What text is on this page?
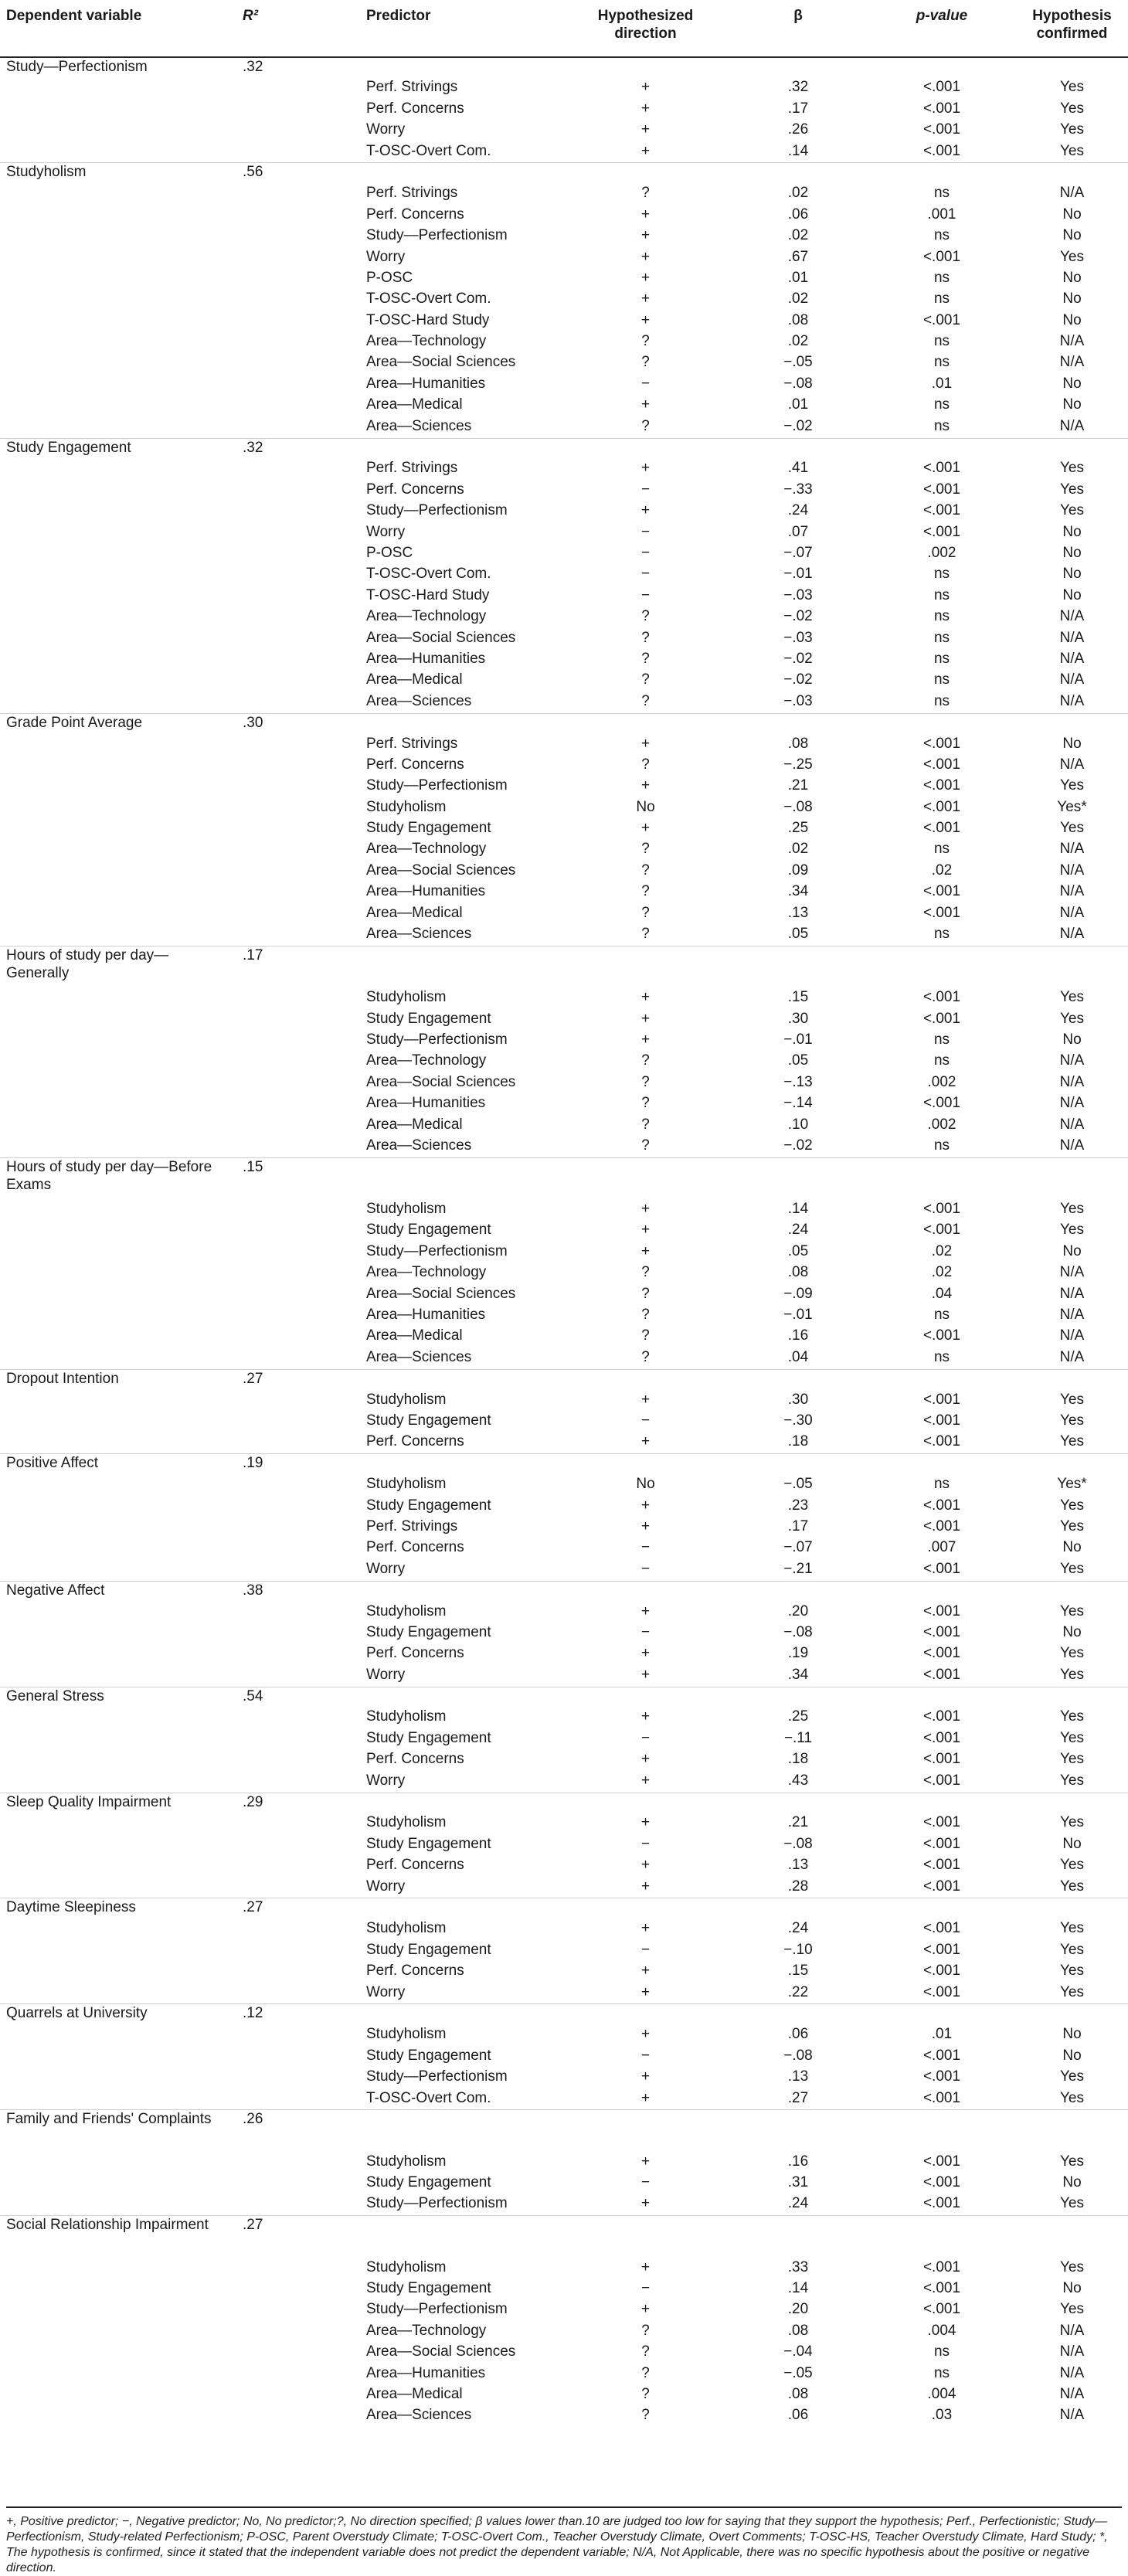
Dependent variable	R²	Predictor	Hypothesized direction	β	p-value	Hypothesis confirmed
Study—Perfectionism	.32					
		Perf. Strivings	+	.32	<.001	Yes
		Perf. Concerns	+	.17	<.001	Yes
		Worry	+	.26	<.001	Yes
		T-OSC-Overt Com.	+	.14	<.001	Yes
Studyholism	.56					
		Perf. Strivings	?	.02	ns	N/A
		Perf. Concerns	+	.06	.001	No
		Study—Perfectionism	+	.02	ns	No
		Worry	+	.67	<.001	Yes
		P-OSC	+	.01	ns	No
		T-OSC-Overt Com.	+	.02	ns	No
		T-OSC-Hard Study	+	.08	<.001	No
		Area—Technology	?	.02	ns	N/A
		Area—Social Sciences	?	−.05	ns	N/A
		Area—Humanities	−	−.08	.01	No
		Area—Medical	+	.01	ns	No
		Area—Sciences	?	−.02	ns	N/A
Study Engagement	.32					
		Perf. Strivings	+	.41	<.001	Yes
		Perf. Concerns	−	−.33	<.001	Yes
		Study—Perfectionism	+	.24	<.001	Yes
		Worry	−	.07	<.001	No
		P-OSC	−	−.07	.002	No
		T-OSC-Overt Com.	−	−.01	ns	No
		T-OSC-Hard Study	−	−.03	ns	No
		Area—Technology	?	−.02	ns	N/A
		Area—Social Sciences	?	−.03	ns	N/A
		Area—Humanities	?	−.02	ns	N/A
		Area—Medical	?	−.02	ns	N/A
		Area—Sciences	?	−.03	ns	N/A
Grade Point Average	.30					
		Perf. Strivings	+	.08	<.001	No
		Perf. Concerns	?	−.25	<.001	N/A
		Study—Perfectionism	+	.21	<.001	Yes
		Studyholism	No	−.08	<.001	Yes*
		Study Engagement	+	.25	<.001	Yes
		Area—Technology	?	.02	ns	N/A
		Area—Social Sciences	?	.09	.02	N/A
		Area—Humanities	?	.34	<.001	N/A
		Area—Medical	?	.13	<.001	N/A
		Area—Sciences	?	.05	ns	N/A
Hours of study per day—Generally	.17					

		Studyholism	+	.15	<.001	Yes
		Study Engagement	+	.30	<.001	Yes
		Study—Perfectionism	+	−.01	ns	No
		Area—Technology	?	.05	ns	N/A
		Area—Social Sciences	?	−.13	.002	N/A
		Area—Humanities	?	−.14	<.001	N/A
		Area—Medical	?	.10	.002	N/A
		Area—Sciences	?	−.02	ns	N/A
Hours of study per day—Before Exams	.15					

		Studyholism	+	.14	<.001	Yes
		Study Engagement	+	.24	<.001	Yes
		Study—Perfectionism	+	.05	.02	No
		Area—Technology	?	.08	.02	N/A
		Area—Social Sciences	?	−.09	.04	N/A
		Area—Humanities	?	−.01	ns	N/A
		Area—Medical	?	.16	<.001	N/A
		Area—Sciences	?	.04	ns	N/A
Dropout Intention	.27					
		Studyholism	+	.30	<.001	Yes
		Study Engagement	−	−.30	<.001	Yes
		Perf. Concerns	+	.18	<.001	Yes
Positive Affect	.19					
		Studyholism	No	−.05	ns	Yes*
		Study Engagement	+	.23	<.001	Yes
		Perf. Strivings	+	.17	<.001	Yes
		Perf. Concerns	−	−.07	.007	No
		Worry	−	−.21	<.001	Yes
Negative Affect	.38					
		Studyholism	+	.20	<.001	Yes
		Study Engagement	−	−.08	<.001	No
		Perf. Concerns	+	.19	<.001	Yes
		Worry	+	.34	<.001	Yes
General Stress	.54					
		Studyholism	+	.25	<.001	Yes
		Study Engagement	−	−.11	<.001	Yes
		Perf. Concerns	+	.18	<.001	Yes
		Worry	+	.43	<.001	Yes
Sleep Quality Impairment	.29					
		Studyholism	+	.21	<.001	Yes
		Study Engagement	−	−.08	<.001	No
		Perf. Concerns	+	.13	<.001	Yes
		Worry	+	.28	<.001	Yes
Daytime Sleepiness	.27					
		Studyholism	+	.24	<.001	Yes
		Study Engagement	−	−.10	<.001	Yes
		Perf. Concerns	+	.15	<.001	Yes
		Worry	+	.22	<.001	Yes
Quarrels at University	.12					
		Studyholism	+	.06	.01	No
		Study Engagement	−	−.08	<.001	No
		Study—Perfectionism	+	.13	<.001	Yes
		T-OSC-Overt Com.	+	.27	<.001	Yes
Family and Friends' Complaints	.26					

		Studyholism	+	.16	<.001	Yes
		Study Engagement	−	.31	<.001	No
		Study—Perfectionism	+	.24	<.001	Yes
Social Relationship Impairment	.27					

		Studyholism	+	.33	<.001	Yes
		Study Engagement	−	.14	<.001	No
		Study—Perfectionism	+	.20	<.001	Yes
		Area—Technology	?	.08	.004	N/A
		Area—Social Sciences	?	−.04	ns	N/A
		Area—Humanities	?	−.05	ns	N/A
		Area—Medical	?	.08	.004	N/A
		Area—Sciences	?	.06	.03	N/A

+, Positive predictor; −, Negative predictor; No, No predictor;?, No direction specified; β values lower than.10 are judged too low for saying that they support the hypothesis; Perf., Perfectionistic; Study—Perfectionism, Study-related Perfectionism; P-OSC, Parent Overstudy Climate; T-OSC-Overt Com., Teacher Overstudy Climate, Overt Comments; T-OSC-HS, Teacher Overstudy Climate, Hard Study; *, The hypothesis is confirmed, since it stated that the independent variable does not predict the dependent variable; N/A, Not Applicable, there was no specific hypothesis about the positive or negative direction.
